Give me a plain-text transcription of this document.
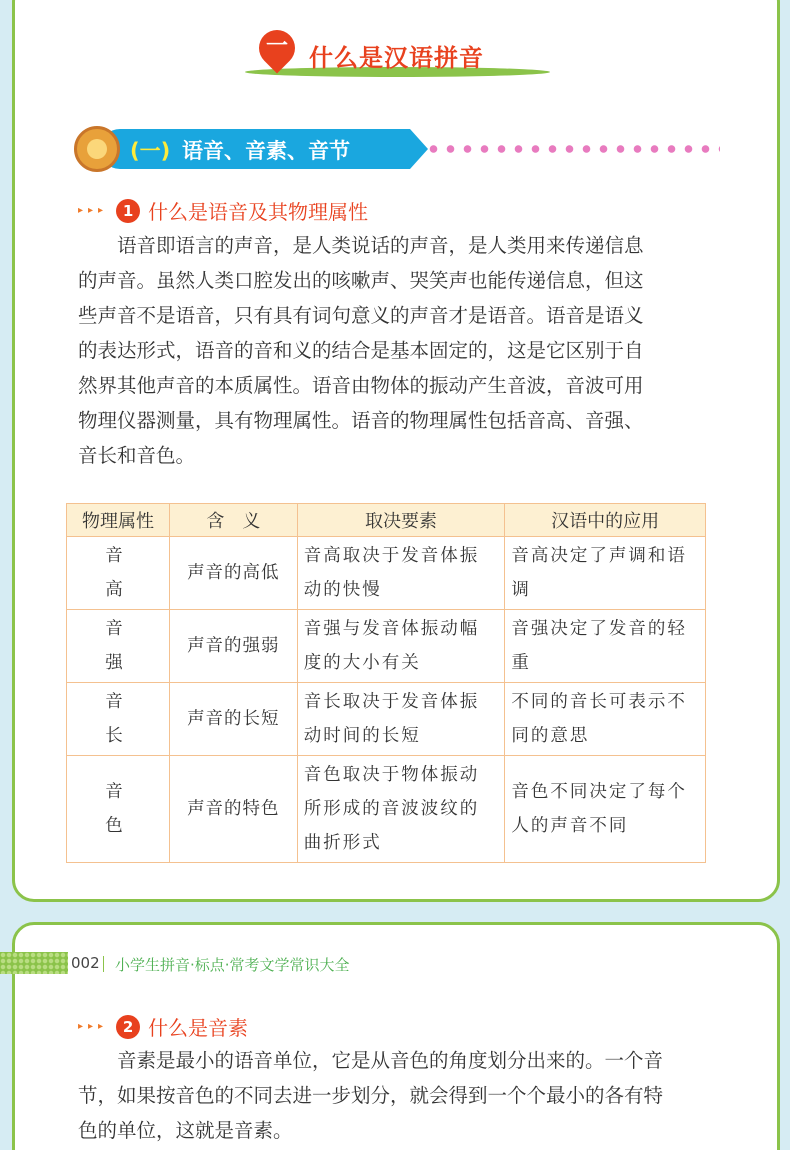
一 什么是汉语拼音
(一) 语音、音素、音节
▸▸▸ 1 什么是语音及其物理属性
语音即语言的声音，是人类说话的声音，是人类用来传递信息
的声音。虽然人类口腔发出的咳嗽声、哭笑声也能传递信息，但这
些声音不是语音，只有具有词句意义的声音才是语音。语音是语义
的表达形式，语音的音和义的结合是基本固定的，这是它区别于自
然界其他声音的本质属性。语音由物体的振动产生音波，音波可用
物理仪器测量，具有物理属性。语音的物理属性包括音高、音强、
音长和音色。
物理属性	含　义	取决要素	汉语中的应用
音高	声音的高低	音高取决于发音体振动的快慢	音高决定了声调和语调
音强	声音的强弱	音强与发音体振动幅度的大小有关	音强决定了发音的轻重
音长	声音的长短	音长取决于发音体振动时间的长短	不同的音长可表示不同的意思
音色	声音的特色	音色取决于物体振动所形成的音波波纹的曲折形式	音色不同决定了每个人的声音不同
002 小学生拼音·标点·常考文学常识大全
▸▸▸ 2 什么是音素
音素是最小的语音单位，它是从音色的角度划分出来的。一个音
节，如果按音色的不同去进一步划分，就会得到一个个最小的各有特
色的单位，这就是音素。
